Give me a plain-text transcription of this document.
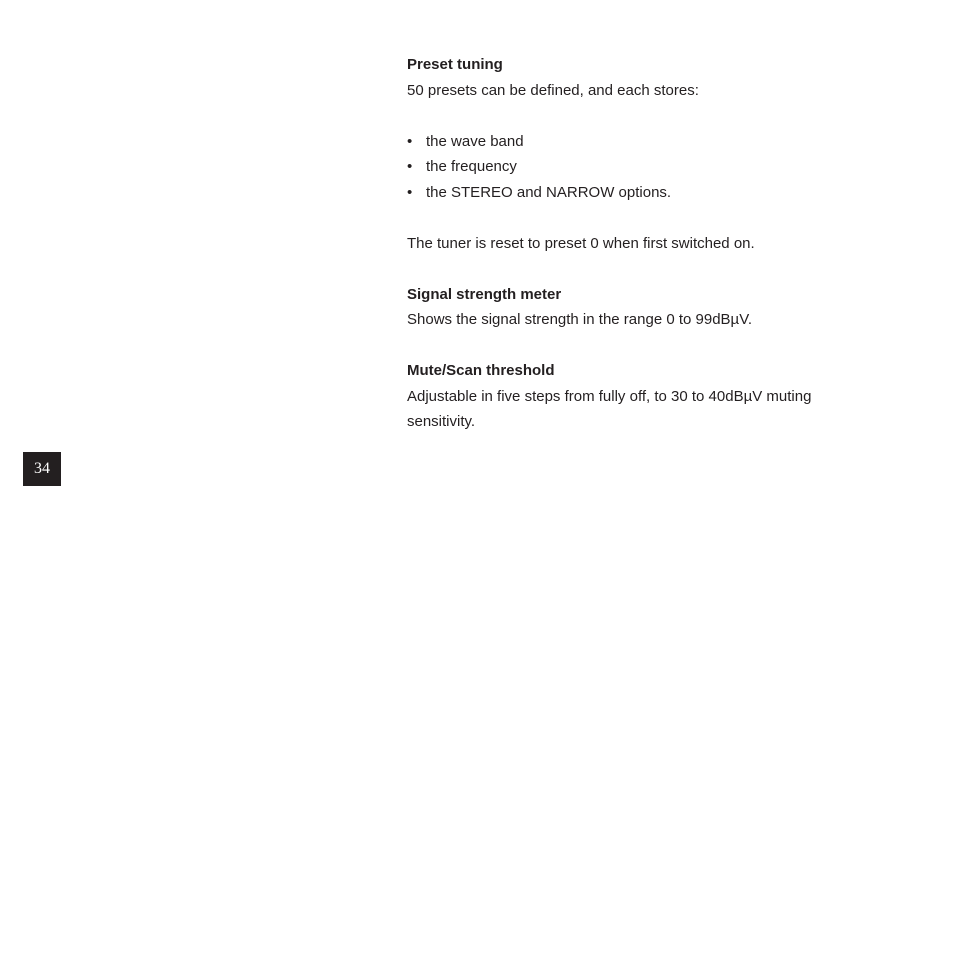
Preset tuning

50 presets can be defined, and each stores:

• the wave band
• the frequency
• the STEREO and NARROW options.

The tuner is reset to preset 0 when first switched on.

Signal strength meter

Shows the signal strength in the range 0 to 99dBµV.

Mute/Scan threshold

Adjustable in five steps from fully off, to 30 to 40dBµV muting sensitivity.

34
